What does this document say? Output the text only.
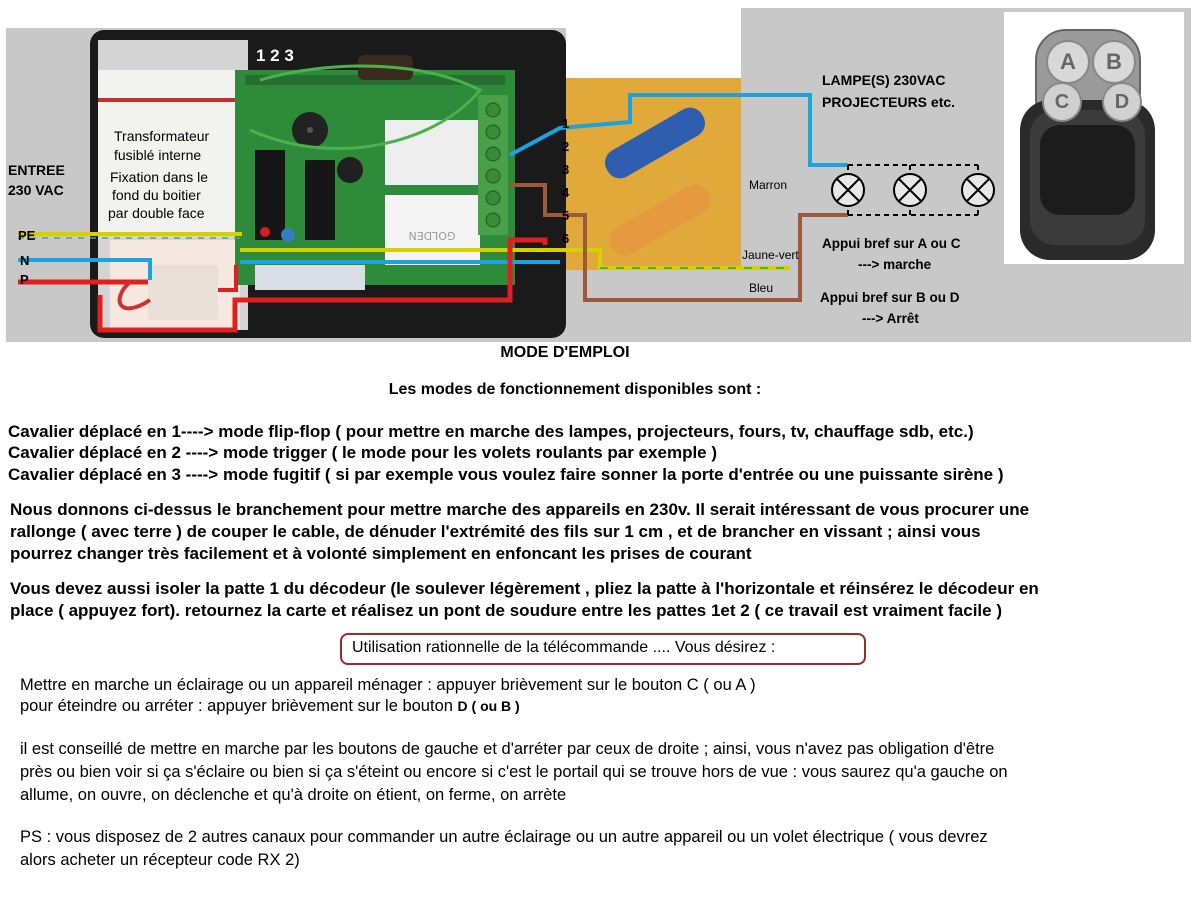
GOLDEN
A	B
C	D
1 2 3
ENTREE
230 VAC
Transformateur
fusiblé interne
Fixation dans le
fond du boitier
par double face
PE
N
P
1
2
3
4
5
6
Marron
Jaune-vert
Bleu
LAMPE(S) 230VAC
PROJECTEURS etc.
Appui bref sur A ou C
---> marche
Appui bref sur B ou D
---> Arrêt
MODE D'EMPLOI
Les modes de fonctionnement disponibles sont :
Cavalier déplacé en 1----> mode flip-flop ( pour mettre en marche des lampes, projecteurs, fours, tv, chauffage sdb, etc.)
Cavalier déplacé en 2 ----> mode trigger ( le mode pour les volets roulants par exemple )
Cavalier déplacé en 3 ----> mode fugitif ( si par exemple vous voulez faire sonner la porte d'entrée ou une puissante sirène )
Nous donnons ci-dessus le branchement pour mettre marche des appareils en 230v. Il serait intéressant de vous procurer une
rallonge ( avec terre ) de couper le cable, de dénuder l'extrémité des fils sur 1 cm , et de brancher en vissant ; ainsi vous
pourrez changer très facilement et à volonté simplement en enfoncant les prises de courant
Vous devez aussi isoler la patte 1 du décodeur (le soulever légèrement , pliez la patte à l'horizontale et réinsérez le décodeur en
place ( appuyez fort). retournez la carte et réalisez un pont de soudure entre les pattes 1et 2 ( ce travail est vraiment facile )
Utilisation rationnelle de la télécommande .... Vous désirez :
Mettre en marche un éclairage ou un appareil ménager : appuyer brièvement sur le bouton C ( ou A )
pour éteindre ou arréter : appuyer brièvement sur le bouton D ( ou B )
il est conseillé de mettre en marche par les boutons de gauche et d'arréter par ceux de droite ; ainsi, vous n'avez pas obligation d'être
près ou bien voir si ça s'éclaire ou bien si ça s'éteint ou encore si c'est le portail qui se trouve hors de vue : vous saurez qu'a gauche on
allume, on ouvre, on déclenche et qu'à droite on étient, on ferme, on arrète
PS : vous disposez de 2 autres canaux pour commander un autre éclairage ou un autre appareil ou un volet électrique ( vous devrez
alors acheter un récepteur code RX 2)
